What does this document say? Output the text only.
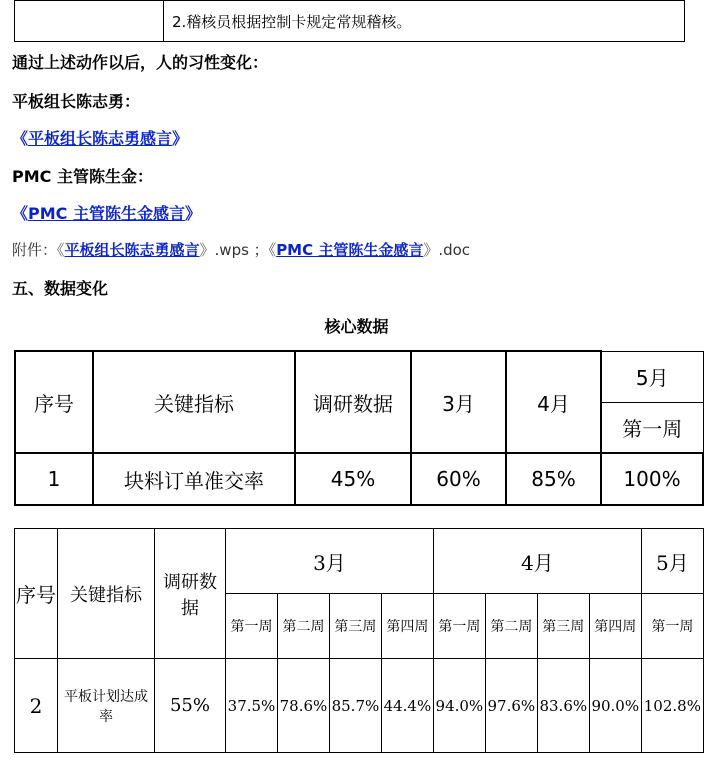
	2.稽核员根据控制卡规定常规稽核。
通过上述动作以后，人的习性变化：
平板组长陈志勇：
《平板组长陈志勇感言》
PMC 主管陈生金：
《PMC 主管陈生金感言》
附件：《平板组长陈志勇感言》.wps ；《PMC 主管陈生金感言》.doc
五、数据变化
核心数据
序号	关键指标	调研数据	3月	4月	5月
					第一周
1	块料订单准交率	45%	60%	85%	100%
序号	关键指标	调研数据	3月				4月				5月
			第一周	第二周	第三周	第四周	第一周	第二周	第三周	第四周	第一周
2	平板计划达成率	55%	37.5%	78.6%	85.7%	44.4%	94.0%	97.6%	83.6%	90.0%	102.8%
